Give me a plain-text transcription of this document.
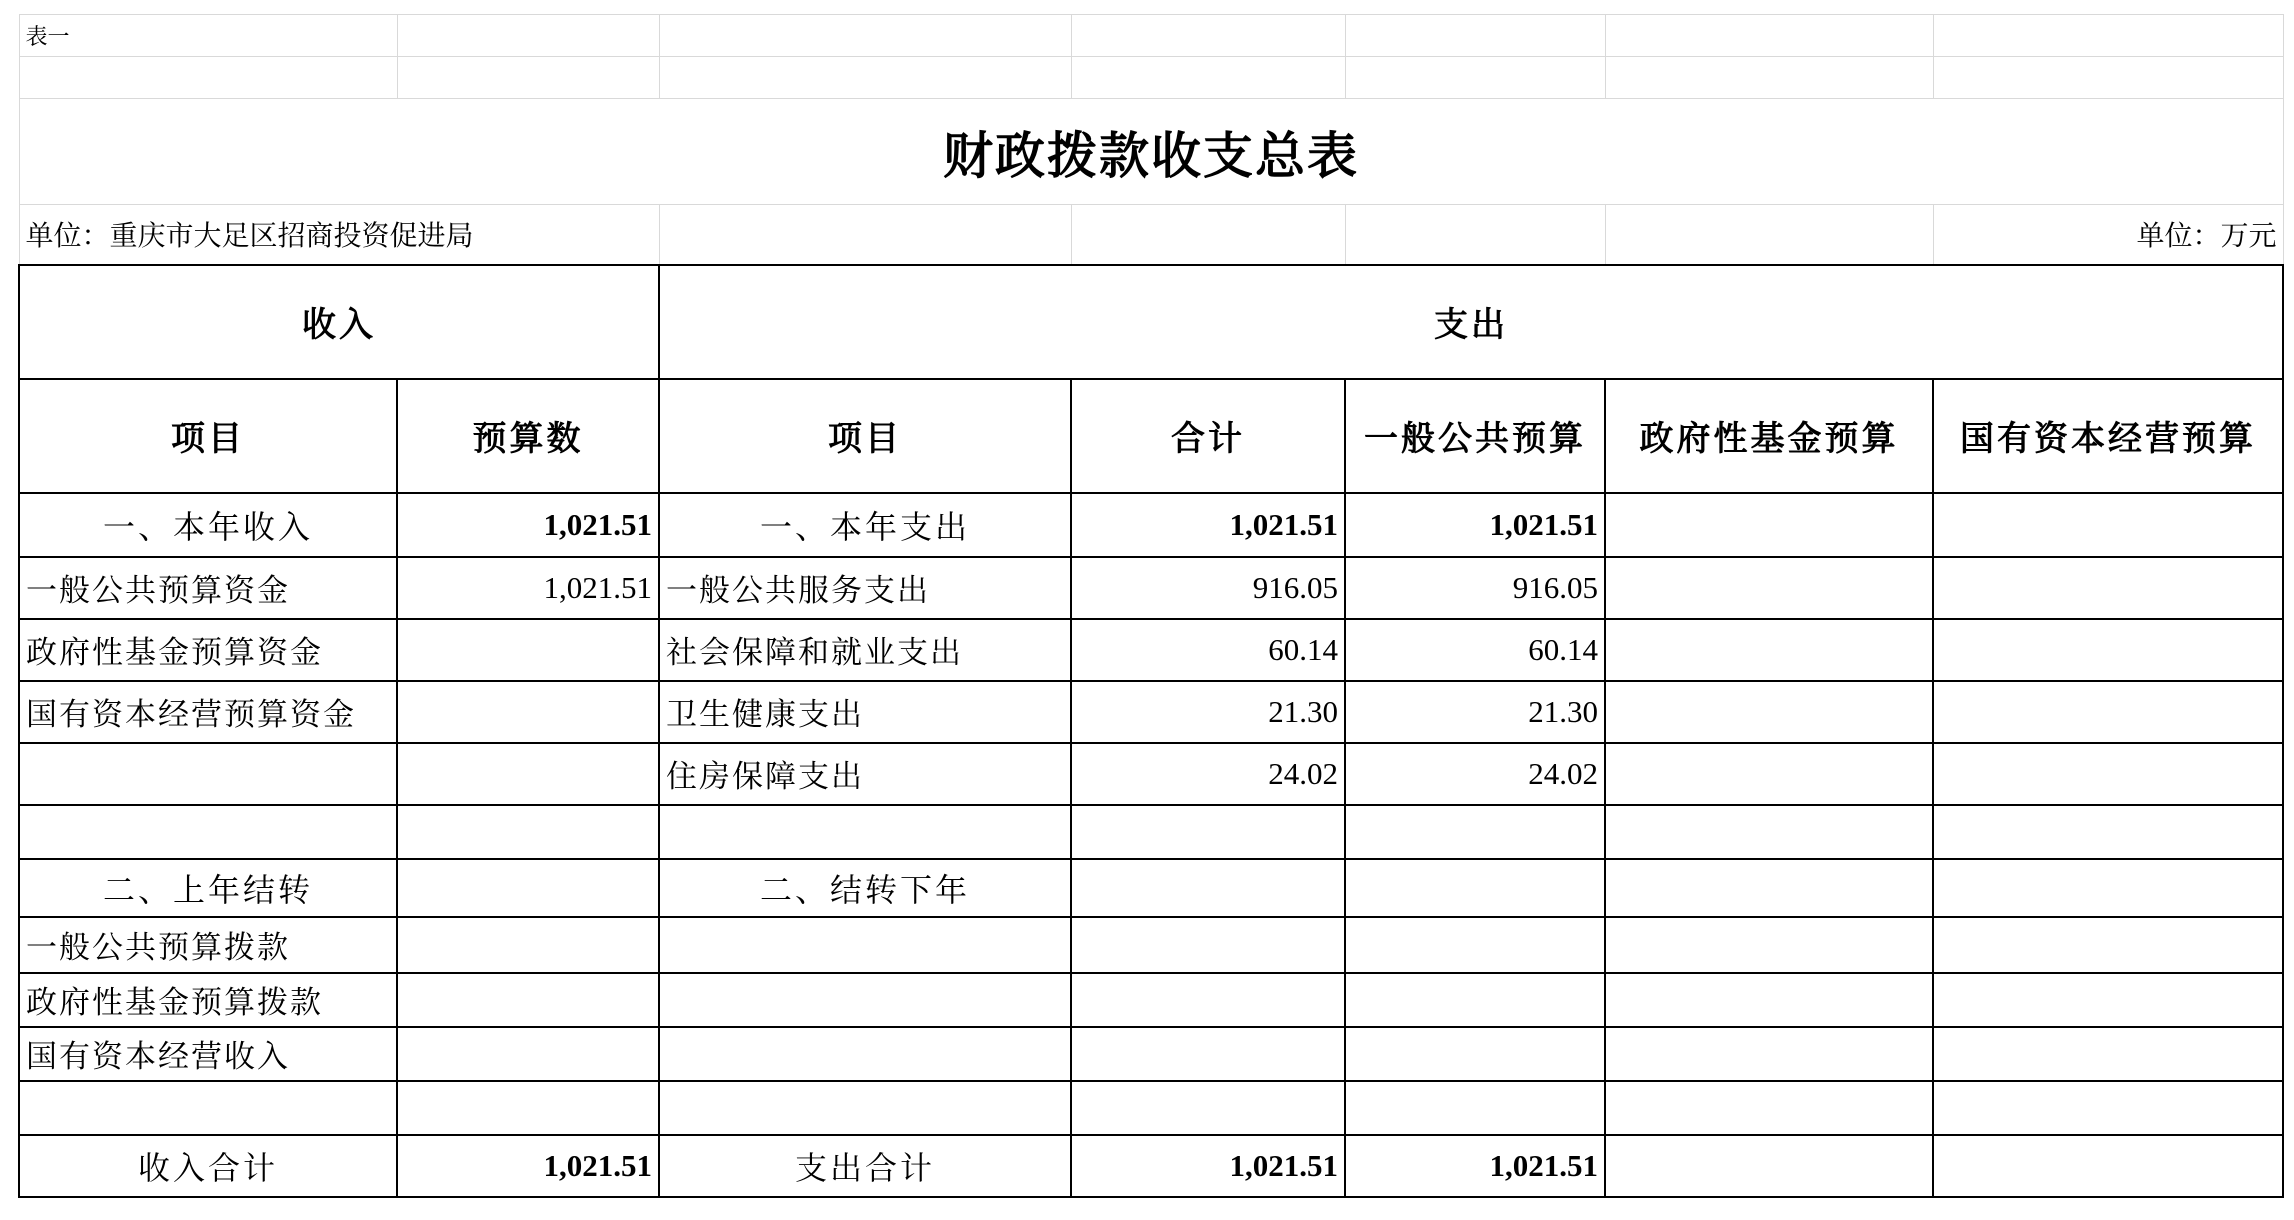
表一						

财政拨款收支总表						
单位：重庆市大足区招商投资促进局						单位：万元
收入		支出				
项目	预算数	项目	合计	一般公共预算	政府性基金预算	国有资本经营预算
一、本年收入	1,021.51	一、本年支出	1,021.51	1,021.51		
一般公共预算资金	1,021.51	一般公共服务支出	916.05	916.05		
政府性基金预算资金		社会保障和就业支出	60.14	60.14		
国有资本经营预算资金		卫生健康支出	21.30	21.30		
		住房保障支出	24.02	24.02		

二、上年结转		二、结转下年				
一般公共预算拨款						
政府性基金预算拨款						
国有资本经营收入						

收入合计	1,021.51	支出合计	1,021.51	1,021.51		
